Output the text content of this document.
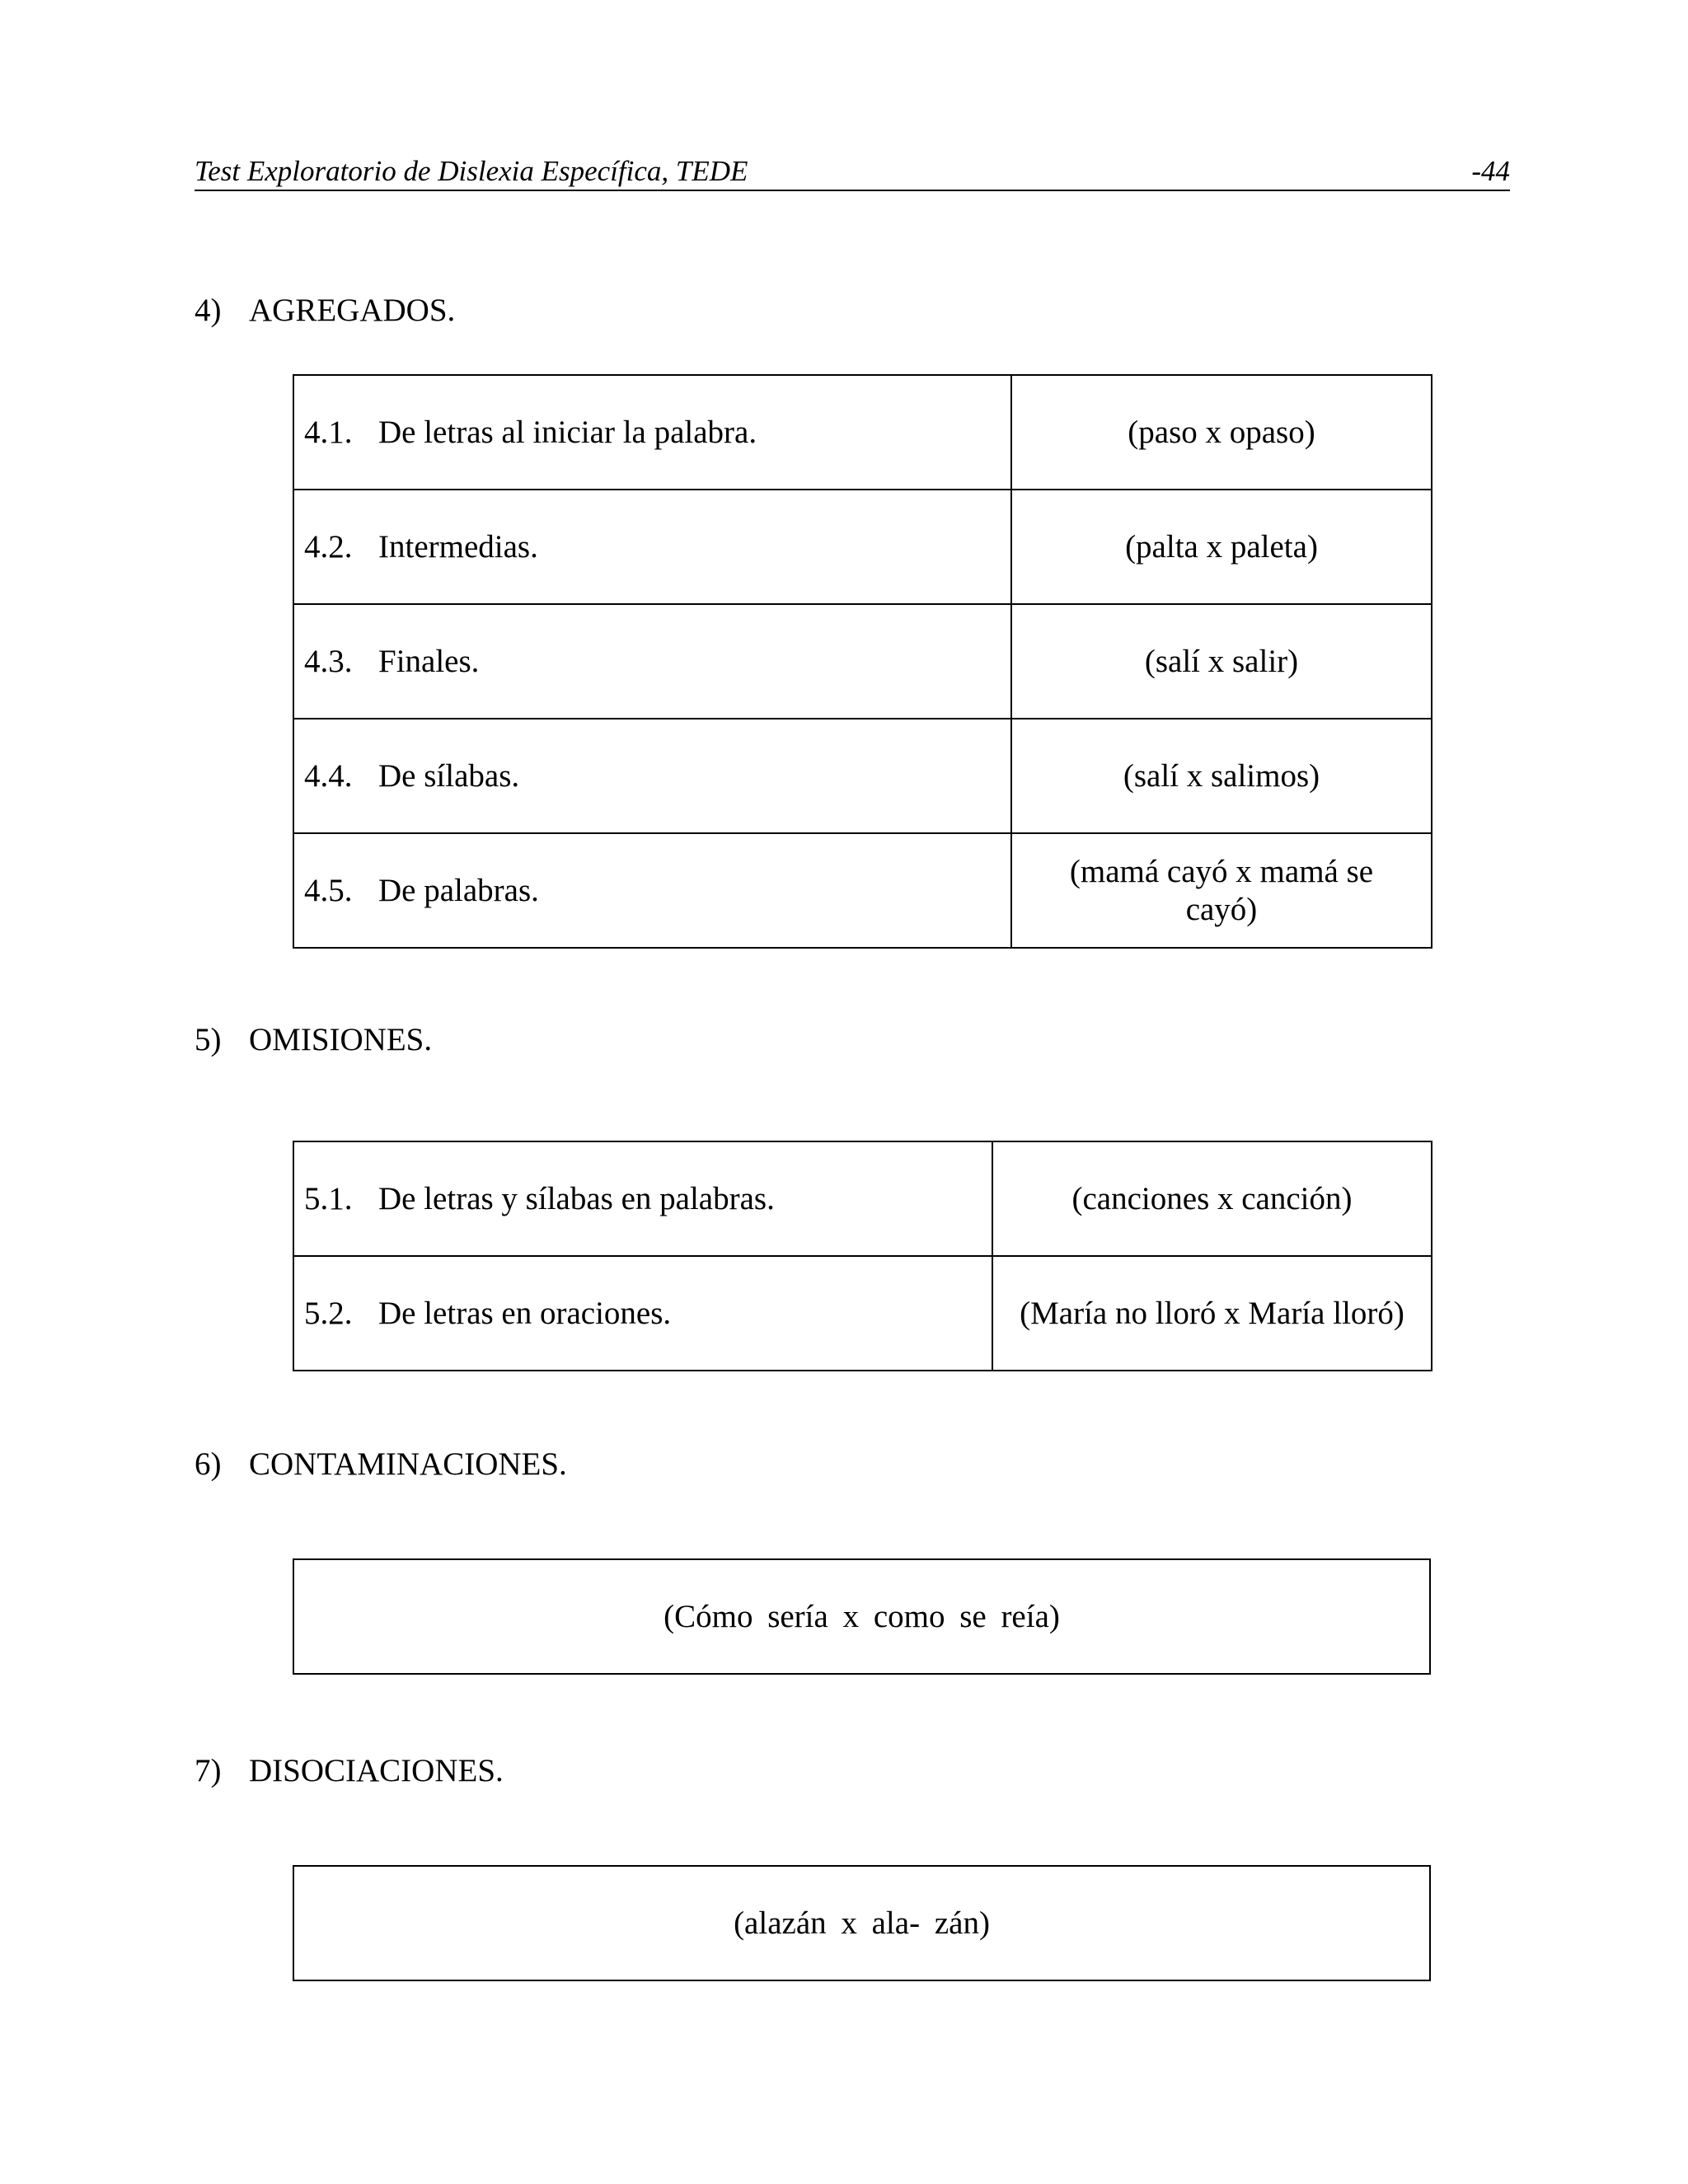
Test Exploratorio de Dislexia Específica, TEDE	-44
4) AGREGADOS.
4.1. De letras al iniciar la palabra.	(paso x opaso)
4.2. Intermedias.	(palta x paleta)
4.3. Finales.	(salí x salir)
4.4. De sílabas.	(salí x salimos)
4.5. De palabras.	(mamá cayó x mamá se cayó)
5) OMISIONES.
5.1. De letras y sílabas en palabras.	(canciones x canción)
5.2. De letras en oraciones.	(María no lloró x María lloró)
6) CONTAMINACIONES.
(Cómo sería x como se reía)
7) DISOCIACIONES.
(alazán x ala- zán)
